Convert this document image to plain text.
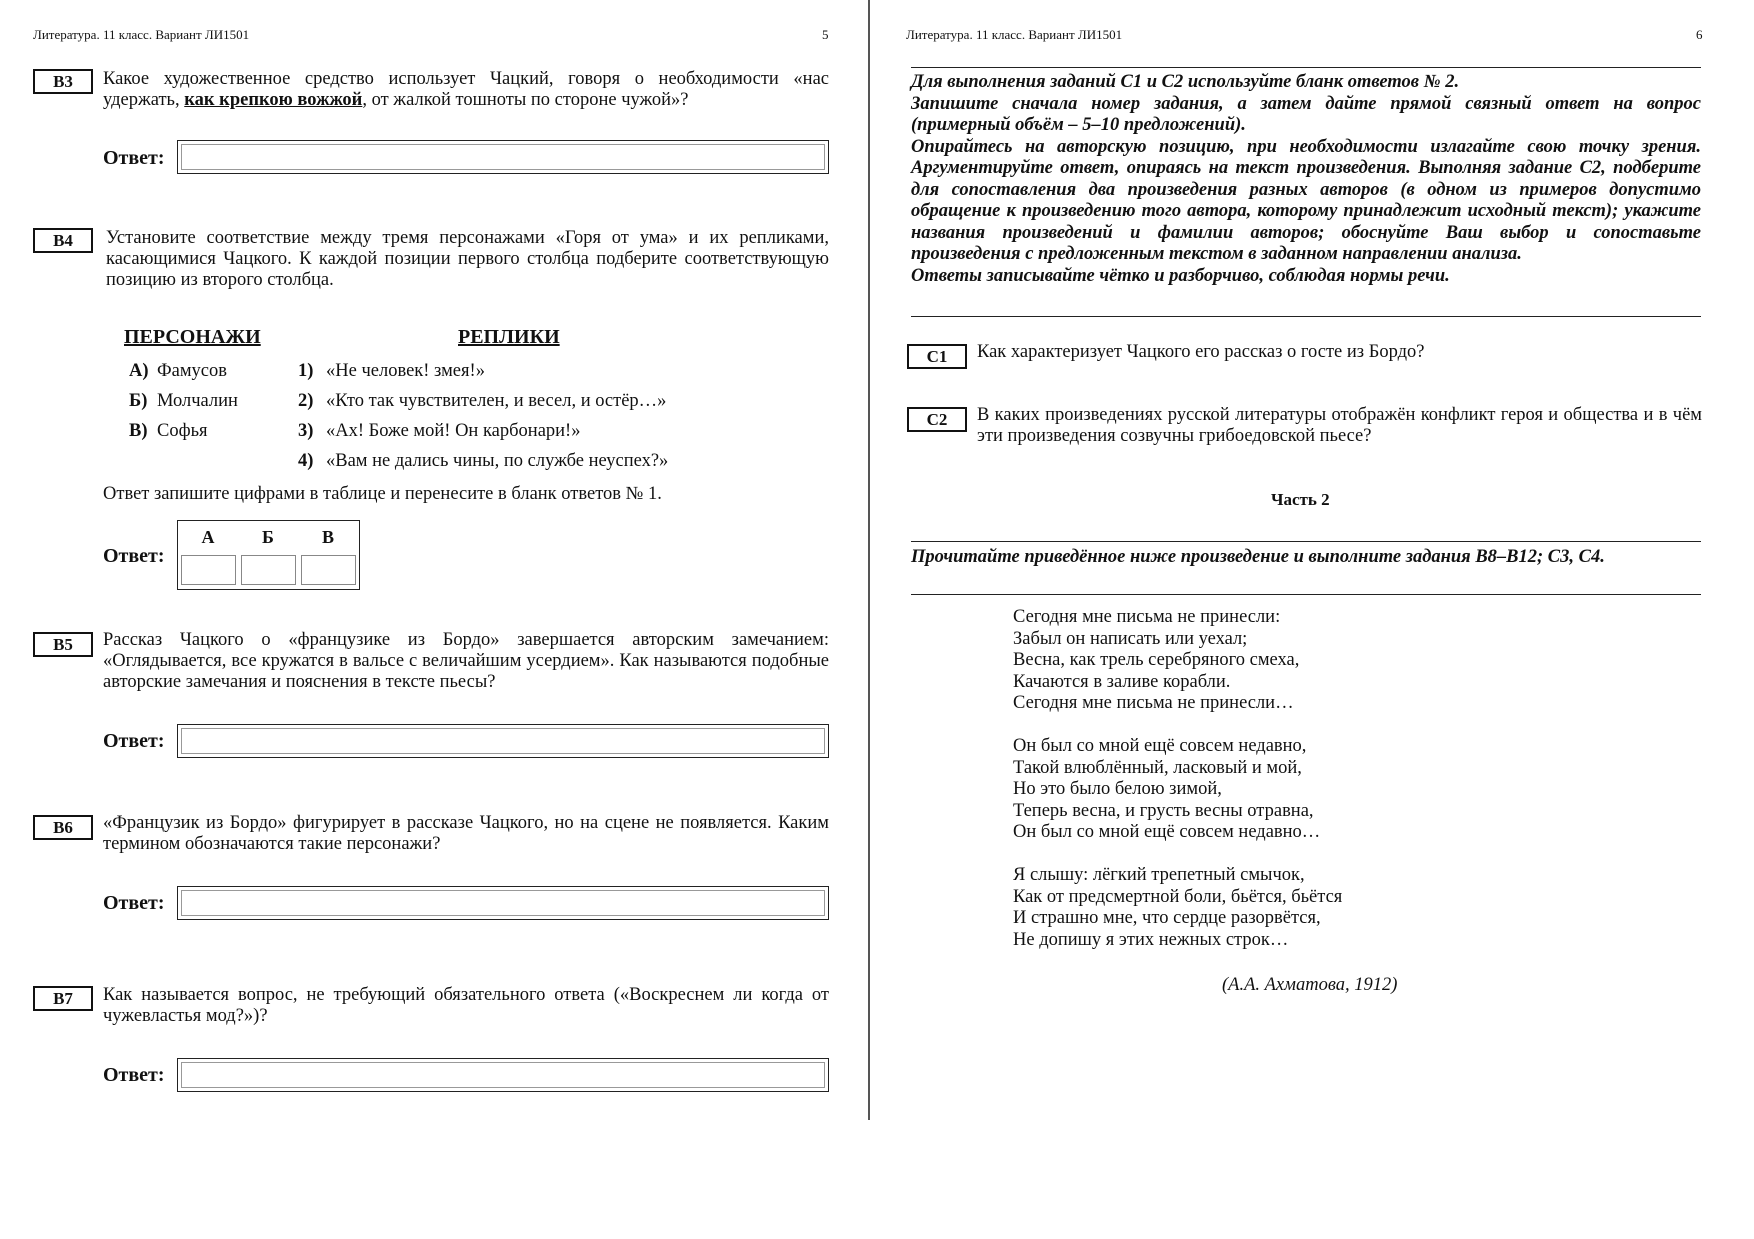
Литература. 11 класс. Вариант ЛИ1501	5
B3	Какое художественное средство использует Чацкий, говоря о необходимости «нас удержать, как крепкою вожжой, от жалкой тошноты по стороне чужой»?
Ответ:
B4	Установите соответствие между тремя персонажами «Горя от ума» и их репликами, касающимися Чацкого. К каждой позиции первого столбца подберите соответствующую позицию из второго столбца.
ПЕРСОНАЖИ	РЕПЛИКИ
А) Фамусов
Б) Молчалин
В) Софья
1) «Не человек! змея!»
2) «Кто так чувствителен, и весел, и остёр…»
3) «Ах! Боже мой! Он карбонари!»
4) «Вам не дались чины, по службе неуспех?»
Ответ запишите цифрами в таблице и перенесите в бланк ответов № 1.
Ответ:
А	Б	В
B5	Рассказ Чацкого о «французике из Бордо» завершается авторским замечанием: «Оглядывается, все кружатся в вальсе с величайшим усердием». Как называются подобные авторские замечания и пояснения в тексте пьесы?
Ответ:
B6	«Французик из Бордо» фигурирует в рассказе Чацкого, но на сцене не появляется. Каким термином обозначаются такие персонажи?
Ответ:
B7	Как называется вопрос, не требующий обязательного ответа («Воскреснем ли когда от чужевластья мод?»)?
Ответ:
Литература. 11 класс. Вариант ЛИ1501	6
Для выполнения заданий С1 и С2 используйте бланк ответов № 2.
Запишите сначала номер задания, а затем дайте прямой связный ответ на вопрос (примерный объём – 5–10 предложений).
Опирайтесь на авторскую позицию, при необходимости излагайте свою точку зрения. Аргументируйте ответ, опираясь на текст произведения. Выполняя задание С2, подберите для сопоставления два произведения разных авторов (в одном из примеров допустимо обращение к произведению того автора, которому принадлежит исходный текст); укажите названия произведений и фамилии авторов; обоснуйте Ваш выбор и сопоставьте произведения с предложенным текстом в заданном направлении анализа.
Ответы записывайте чётко и разборчиво, соблюдая нормы речи.
C1	Как характеризует Чацкого его рассказ о госте из Бордо?
C2	В каких произведениях русской литературы отображён конфликт героя и общества и в чём эти произведения созвучны грибоедовской пьесе?
Часть 2
Прочитайте приведённое ниже произведение и выполните задания В8–В12; С3, С4.
Сегодня мне письма не принесли:
Забыл он написать или уехал;
Весна, как трель серебряного смеха,
Качаются в заливе корабли.
Сегодня мне письма не принесли…
Он был со мной ещё совсем недавно,
Такой влюблённый, ласковый и мой,
Но это было белою зимой,
Теперь весна, и грусть весны отравна,
Он был со мной ещё совсем недавно…
Я слышу: лёгкий трепетный смычок,
Как от предсмертной боли, бьётся, бьётся
И страшно мне, что сердце разорвётся,
Не допишу я этих нежных строк…
(А.А. Ахматова, 1912)
